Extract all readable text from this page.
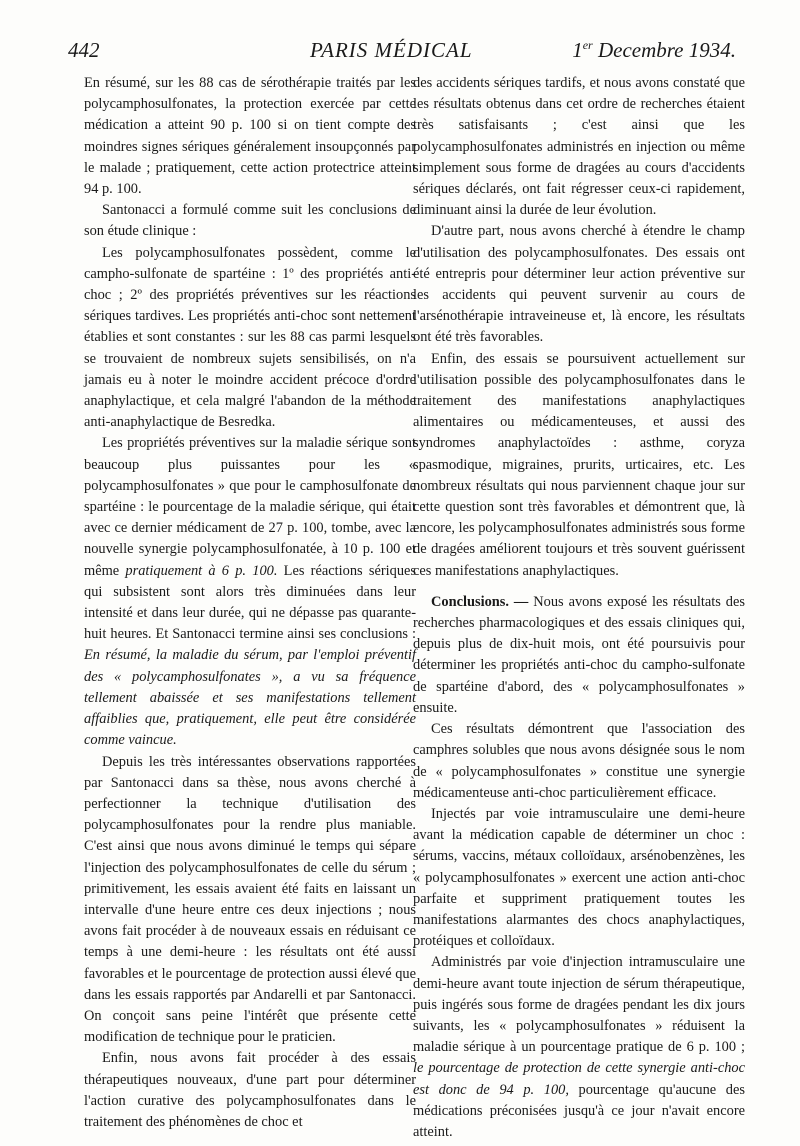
442	PARIS MÉDICAL	1er Decembre 1934.

En résumé, sur les 88 cas de sérothérapie traités par les polycamphosulfonates, la protection exercée par cette médication a atteint 90 p. 100 si on tient compte des moindres signes sériques généralement insoupçonnés par le malade ; pratiquement, cette action protectrice atteint 94 p. 100.

Santonacci a formulé comme suit les conclusions de son étude clinique :

Les polycamphosulfonates possèdent, comme le campho-sulfonate de spartéine : 1º des propriétés anti-choc ; 2º des propriétés préventives sur les réactions sériques tardives. Les propriétés anti-choc sont nettement établies et sont constantes : sur les 88 cas parmi lesquels se trouvaient de nombreux sujets sensibilisés, on n'a jamais eu à noter le moindre accident précoce d'ordre anaphylactique, et cela malgré l'abandon de la méthode anti-anaphylactique de Besredka.

Les propriétés préventives sur la maladie sérique sont beaucoup plus puissantes pour les « polycamphosulfonates » que pour le camphosulfonate de spartéine : le pourcentage de la maladie sérique, qui était avec ce dernier médicament de 27 p. 100, tombe, avec la nouvelle synergie polycamphosulfonatée, à 10 p. 100 et même pratiquement à 6 p. 100. Les réactions sériques qui subsistent sont alors très diminuées dans leur intensité et dans leur durée, qui ne dépasse pas quarante-huit heures. Et Santonacci termine ainsi ses conclusions : En résumé, la maladie du sérum, par l'emploi préventif des « polycamphosulfonates », a vu sa fréquence tellement abaissée et ses manifestations tellement affaiblies que, pratiquement, elle peut être considérée comme vaincue.

Depuis les très intéressantes observations rapportées par Santonacci dans sa thèse, nous avons cherché à perfectionner la technique d'utilisation des polycamphosulfonates pour la rendre plus maniable. C'est ainsi que nous avons diminué le temps qui sépare l'injection des polycamphosulfonates de celle du sérum ; primitivement, les essais avaient été faits en laissant un intervalle d'une heure entre ces deux injections ; nous avons fait procéder à de nouveaux essais en réduisant ce temps à une demi-heure : les résultats ont été aussi favorables et le pourcentage de protection aussi élevé que dans les essais rapportés par Andarelli et par Santonacci. On conçoit sans peine l'intérêt que présente cette modification de technique pour le praticien.

Enfin, nous avons fait procéder à des essais thérapeutiques nouveaux, d'une part pour déterminer l'action curative des polycamphosulfonates dans le traitement des phénomènes de choc et

des accidents sériques tardifs, et nous avons constaté que les résultats obtenus dans cet ordre de recherches étaient très satisfaisants ; c'est ainsi que les polycamphosulfonates administrés en injection ou même simplement sous forme de dragées au cours d'accidents sériques déclarés, ont fait régresser ceux-ci rapidement, diminuant ainsi la durée de leur évolution.

D'autre part, nous avons cherché à étendre le champ d'utilisation des polycamphosulfonates. Des essais ont été entrepris pour déterminer leur action préventive sur les accidents qui peuvent survenir au cours de l'arsénothérapie intraveineuse et, là encore, les résultats ont été très favorables.

Enfin, des essais se poursuivent actuellement sur l'utilisation possible des polycamphosulfonates dans le traitement des manifestations anaphylactiques alimentaires ou médicamenteuses, et aussi des syndromes anaphylactoïdes : asthme, coryza spasmodique, migraines, prurits, urticaires, etc. Les nombreux résultats qui nous parviennent chaque jour sur cette question sont très favorables et démontrent que, là encore, les polycamphosulfonates administrés sous forme de dragées améliorent toujours et très souvent guérissent ces manifestations anaphylactiques.

Conclusions. — Nous avons exposé les résultats des recherches pharmacologiques et des essais cliniques qui, depuis plus de dix-huit mois, ont été poursuivis pour déterminer les propriétés anti-choc du campho-sulfonate de spartéine d'abord, des « polycamphosulfonates » ensuite.

Ces résultats démontrent que l'association des camphres solubles que nous avons désignée sous le nom de « polycamphosulfonates » constitue une synergie médicamenteuse anti-choc particulièrement efficace.

Injectés par voie intramusculaire une demi-heure avant la médication capable de déterminer un choc : sérums, vaccins, métaux colloïdaux, arsénobenzènes, les « polycamphosulfonates » exercent une action anti-choc parfaite et suppriment pratiquement toutes les manifestations alarmantes des chocs anaphylactiques, protéiques et colloïdaux.

Administrés par voie d'injection intramusculaire une demi-heure avant toute injection de sérum thérapeutique, puis ingérés sous forme de dragées pendant les dix jours suivants, les « polycamphosulfonates » réduisent la maladie sérique à un pourcentage pratique de 6 p. 100 ; le pourcentage de protection de cette synergie anti-choc est donc de 94 p. 100, pourcentage qu'aucune des médications préconisées jusqu'à ce jour n'avait encore atteint.
